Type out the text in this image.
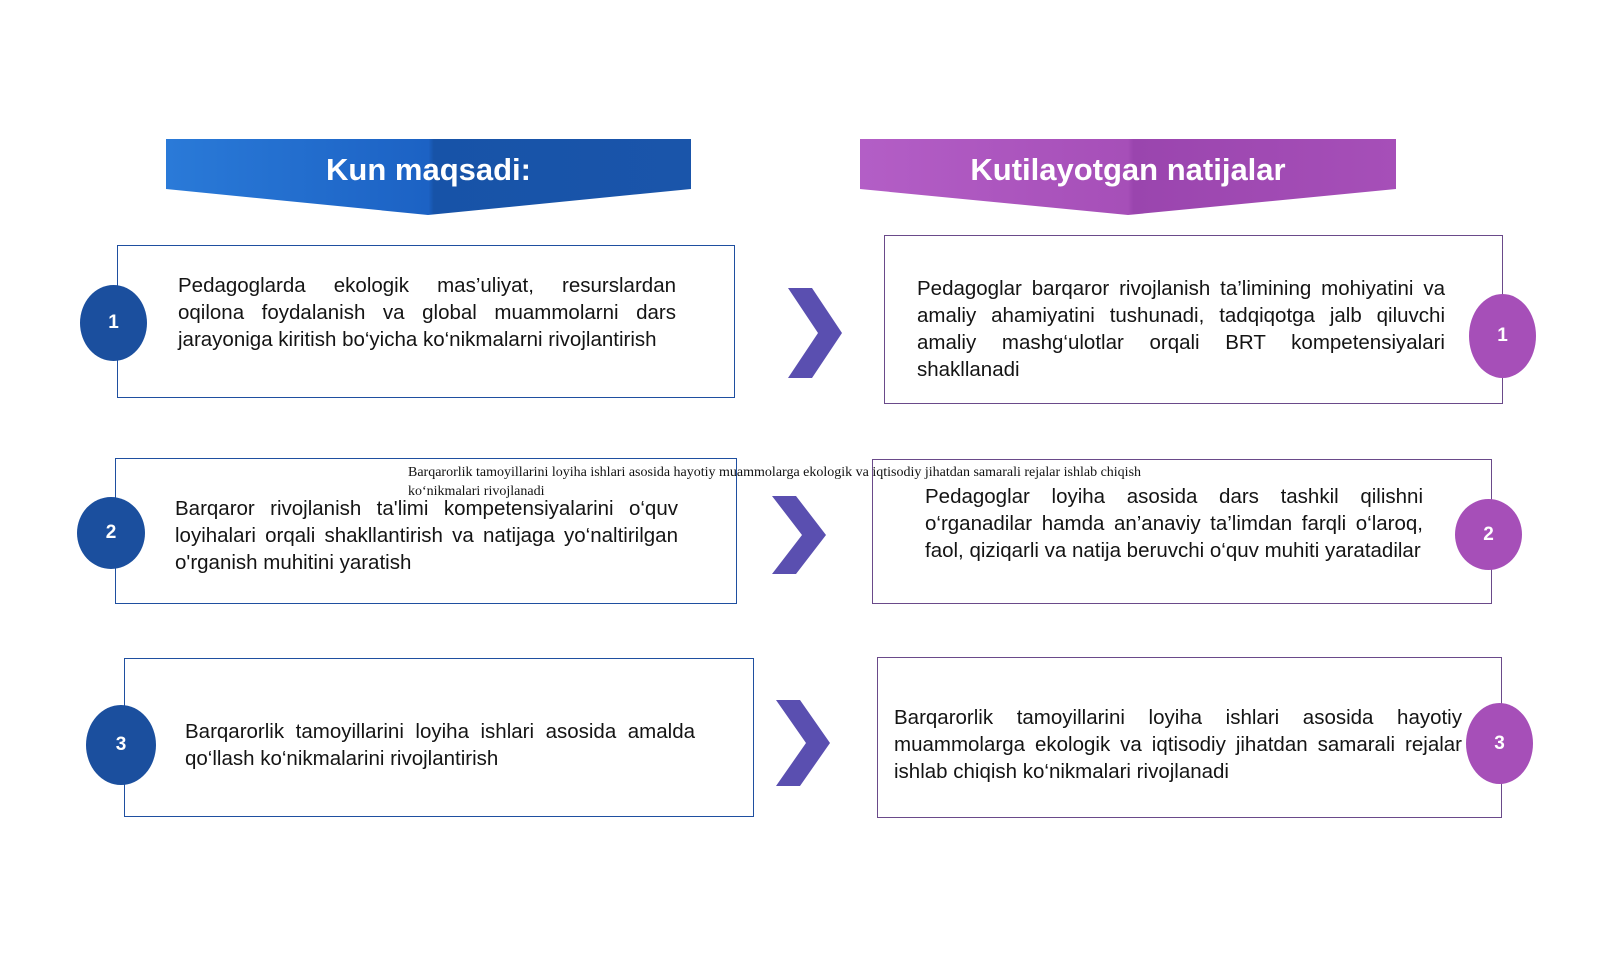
Kun maqsadi:	Kutilayotgan natijalar
Pedagoglarda ekologik mas’uliyat, resurslardan oqilona foydalanish va global muammolarni dars jarayoniga kiritish bo‘yicha ko‘nikmalarni rivojlantirish
1
Barqaror rivojlanish ta'limi kompetensiyalarini o‘quv loyihalari orqali shakllantirish va natijaga yo‘naltirilgan o'rganish muhitini yaratish
2
Barqarorlik tamoyillarini loyiha ishlari asosida amalda qo‘llash ko‘nikmalarini rivojlantirish
3
Pedagoglar barqaror rivojlanish ta’limining mohiyatini va amaliy ahamiyatini tushunadi, tadqiqotga jalb qiluvchi amaliy mashg‘ulotlar orqali BRT kompetensiyalari shakllanadi
1
Pedagoglar loyiha asosida dars tashkil qilishni o‘rganadilar hamda an’anaviy ta’limdan farqli o‘laroq, faol, qiziqarli va natija beruvchi o‘quv muhiti yaratadilar
2
Barqarorlik tamoyillarini loyiha ishlari asosida hayotiy muammolarga ekologik va iqtisodiy jihatdan samarali rejalar ishlab chiqish ko‘nikmalari rivojlanadi
3
Barqarorlik tamoyillarini loyiha ishlari asosida hayotiy muammolarga ekologik va iqtisodiy jihatdan samarali rejalar ishlab chiqish ko‘nikmalari rivojlanadi
